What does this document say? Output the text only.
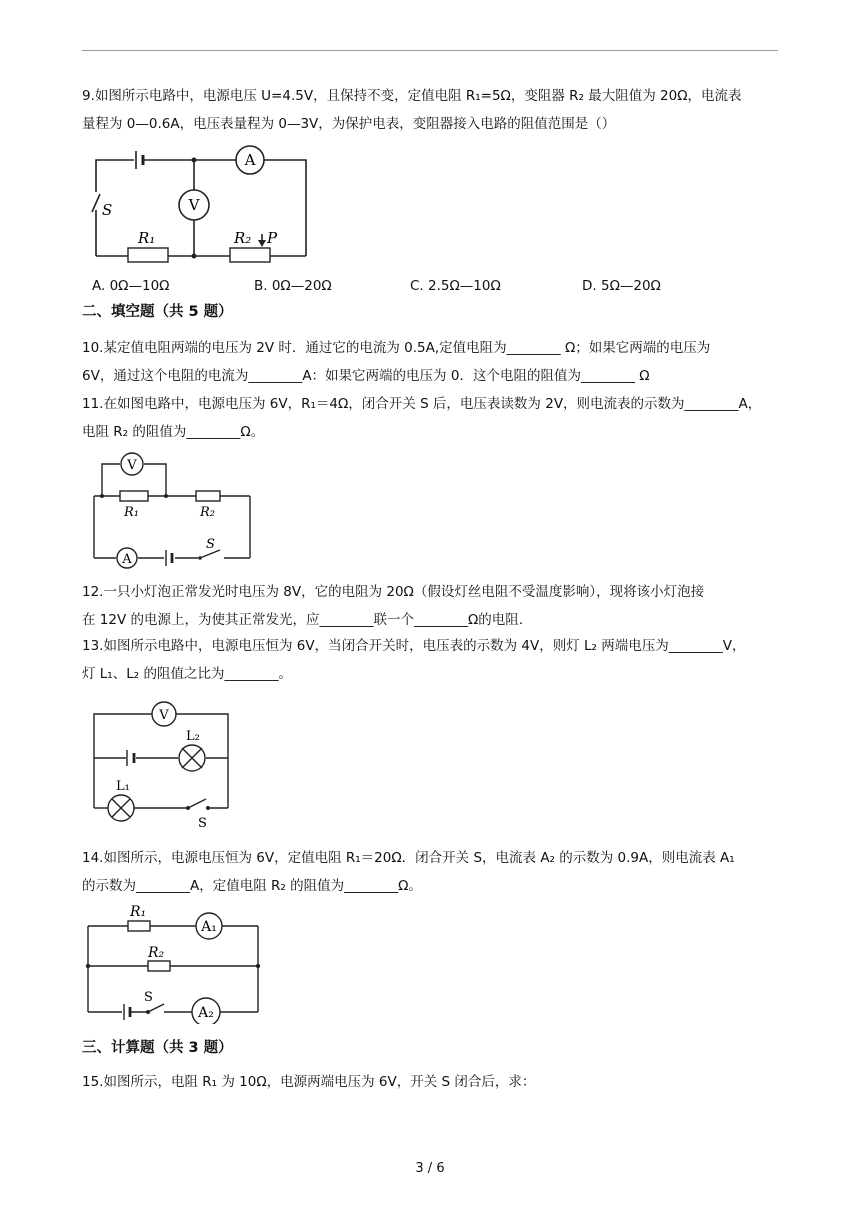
9.如图所示电路中，电源电压 U=4.5V，且保持不变，定值电阻 R₁=5Ω，变阻器 R₂ 最大阻值为 20Ω，电流表
量程为 0—0.6A，电压表量程为 0—3V，为保护电表，变阻器接入电路的阻值范围是（）
V
A
S
R₁	R₂ P
A. 0Ω—10Ω	B. 0Ω—20Ω	C. 2.5Ω—10Ω	D. 5Ω—20Ω
二、填空题（共 5 题）
10.某定值电阻两端的电压为 2V 时．通过它的电流为 0.5A,定值电阻为________ Ω；如果它两端的电压为
6V，通过这个电阻的电流为________A：如果它两端的电压为 0．这个电阻的阻值为________ Ω
11.在如图电路中，电源电压为 6V，R₁＝4Ω，闭合开关 S 后，电压表读数为 2V，则电流表的示数为________A，
电阻 R₂ 的阻值为________Ω。
V
A
R₁	R₂
S
12.一只小灯泡正常发光时电压为 8V，它的电阻为 20Ω（假设灯丝电阻不受温度影响），现将该小灯泡接
在 12V 的电源上，为使其正常发光，应________联一个________Ω的电阻.
13.如图所示电路中，电源电压恒为 6V，当闭合开关时，电压表的示数为 4V，则灯 L₂ 两端电压为________V，
灯 L₁、L₂ 的阻值之比为________。
V
L₂
L₁
S
14.如图所示，电源电压恒为 6V，定值电阻 R₁＝20Ω．闭合开关 S，电流表 A₂ 的示数为 0.9A，则电流表 A₁
的示数为________A，定值电阻 R₂ 的阻值为________Ω。
R₁
R₂
A₁
A₂
S
三、计算题（共 3 题）
15.如图所示，电阻 R₁ 为 10Ω，电源两端电压为 6V，开关 S 闭合后，求：
3 / 6
